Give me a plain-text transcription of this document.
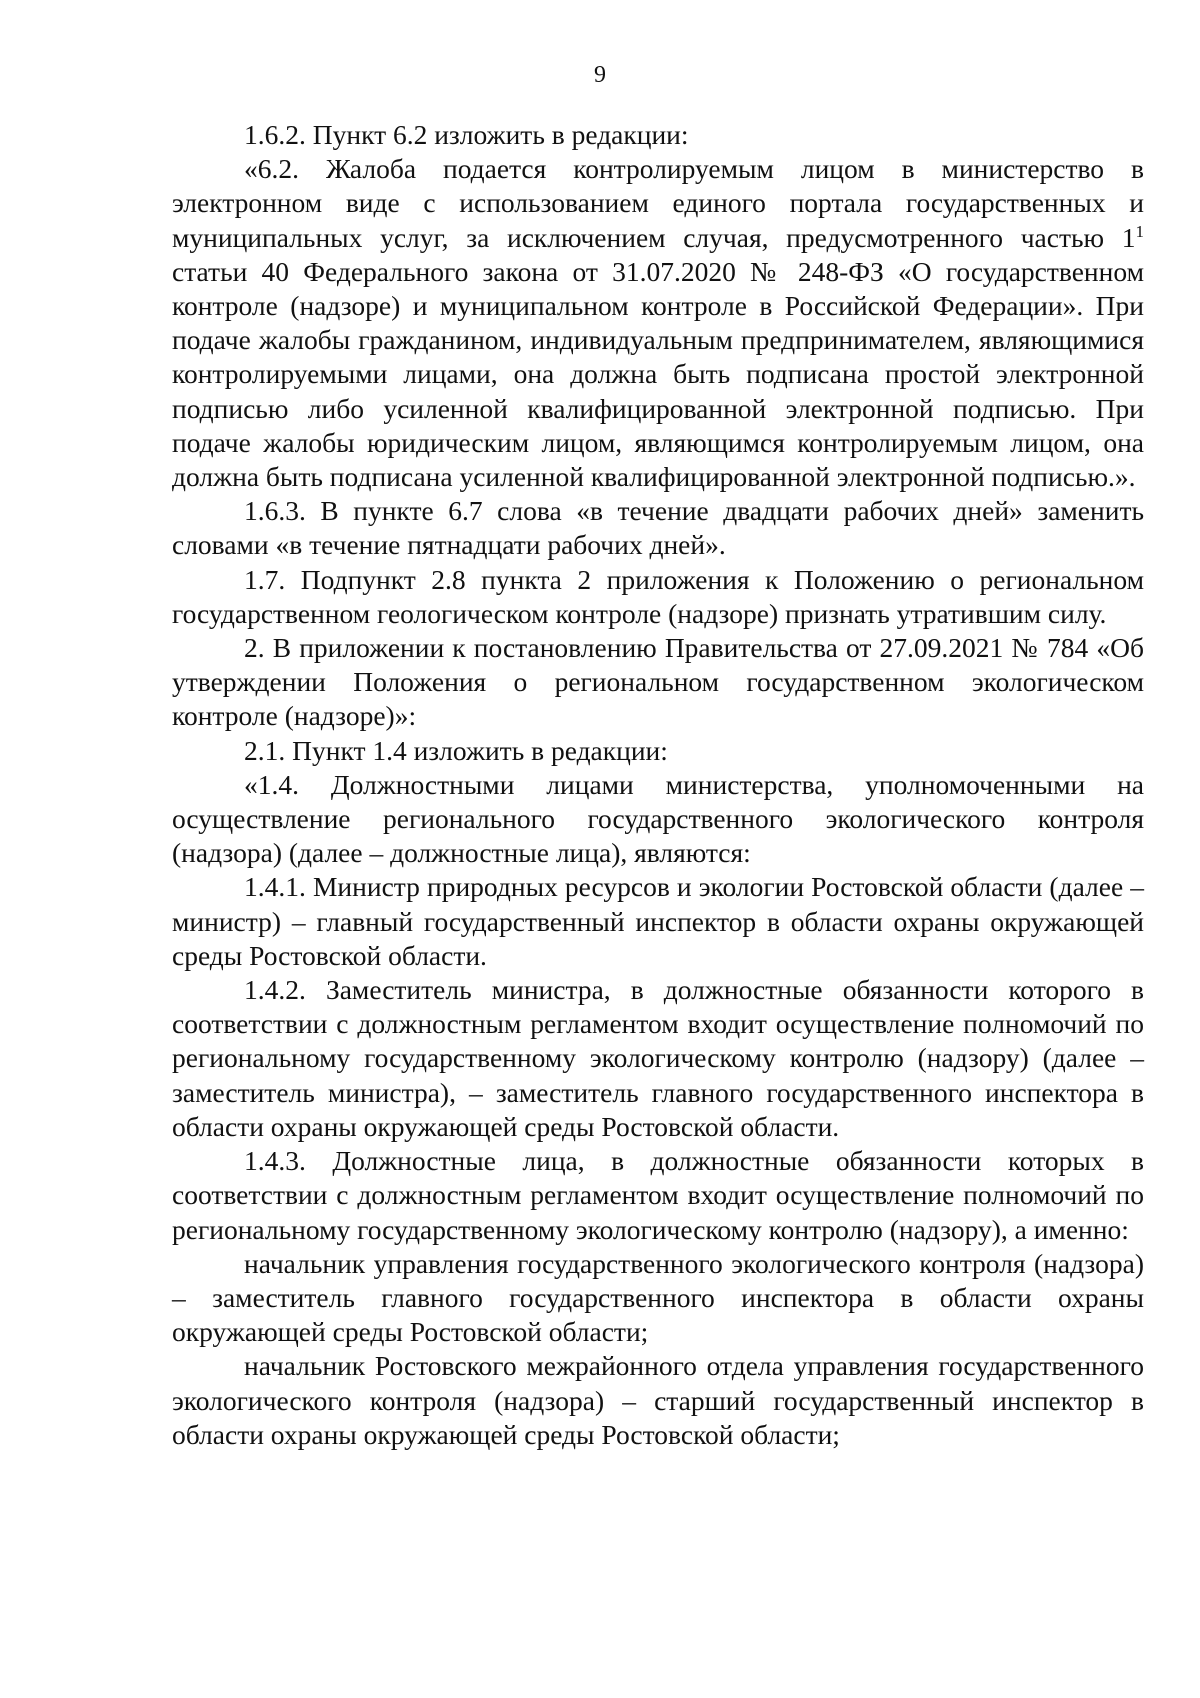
9

1.6.2. Пункт 6.2 изложить в редакции:

«6.2. Жалоба подается контролируемым лицом в министерство в электронном виде с использованием единого портала государственных и муниципальных услуг, за исключением случая, предусмотренного частью $1^1$ статьи 40 Федерального закона от 31.07.2020 № 248-ФЗ «О государственном контроле (надзоре) и муниципальном контроле в Российской Федерации». При подаче жалобы гражданином, индивидуальным предпринимателем, являющимися контролируемыми лицами, она должна быть подписана простой электронной подписью либо усиленной квалифицированной электронной подписью. При подаче жалобы юридическим лицом, являющимся контролируемым лицом, она должна быть подписана усиленной квалифицированной электронной подписью.».

1.6.3. В пункте 6.7 слова «в течение двадцати рабочих дней» заменить словами «в течение пятнадцати рабочих дней».

1.7. Подпункт 2.8 пункта 2 приложения к Положению о региональном государственном геологическом контроле (надзоре) признать утратившим силу.

2. В приложении к постановлению Правительства от 27.09.2021 № 784 «Об утверждении Положения о региональном государственном экологическом контроле (надзоре)»:

2.1. Пункт 1.4 изложить в редакции:

«1.4. Должностными лицами министерства, уполномоченными на осуществление регионального государственного экологического контроля (надзора) (далее – должностные лица), являются:

1.4.1. Министр природных ресурсов и экологии Ростовской области (далее – министр) – главный государственный инспектор в области охраны окружающей среды Ростовской области.

1.4.2. Заместитель министра, в должностные обязанности которого в соответствии с должностным регламентом входит осуществление полномочий по региональному государственному экологическому контролю (надзору) (далее – заместитель министра), – заместитель главного государственного инспектора в области охраны окружающей среды Ростовской области.

1.4.3. Должностные лица, в должностные обязанности которых в соответствии с должностным регламентом входит осуществление полномочий по региональному государственному экологическому контролю (надзору), а именно:

начальник управления государственного экологического контроля (надзора) – заместитель главного государственного инспектора в области охраны окружающей среды Ростовской области;

начальник Ростовского межрайонного отдела управления государственного экологического контроля (надзора) – старший государственный инспектор в области охраны окружающей среды Ростовской области;
